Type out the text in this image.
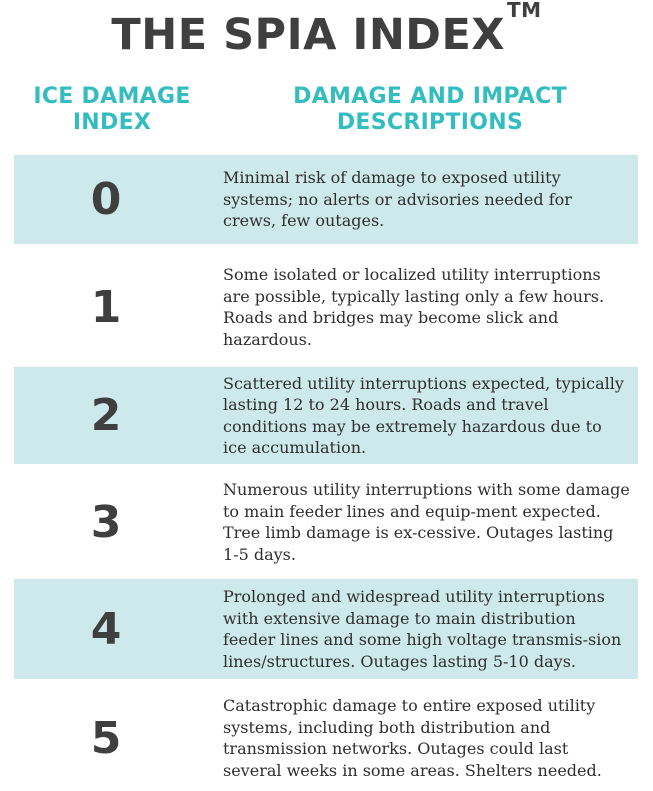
THE SPIA INDEX ™
ICE DAMAGE
INDEX
DAMAGE AND IMPACT
DESCRIPTIONS
0	Minimal risk of damage to exposed utility systems; no alerts or advisories needed for crews, few outages.
1
Some isolated or localized utility interruptions are possible, typically lasting only a few hours. Roads and bridges may become slick and hazardous.
2
Scattered utility interruptions expected, typically lasting 12 to 24 hours. Roads and travel conditions may be extremely hazardous due to ice accumulation.
3
Numerous utility interruptions with some damage to main feeder lines and equip-ment expected. Tree limb damage is ex-cessive. Outages lasting 1-5 days.
4
Prolonged and widespread utility interruptions with extensive damage to main distribution feeder lines and some high voltage transmis-sion lines/structures. Outages lasting 5-10 days.
5
Catastrophic damage to entire exposed utility systems, including both distribution and transmission networks. Outages could last several weeks in some areas. Shelters needed.
